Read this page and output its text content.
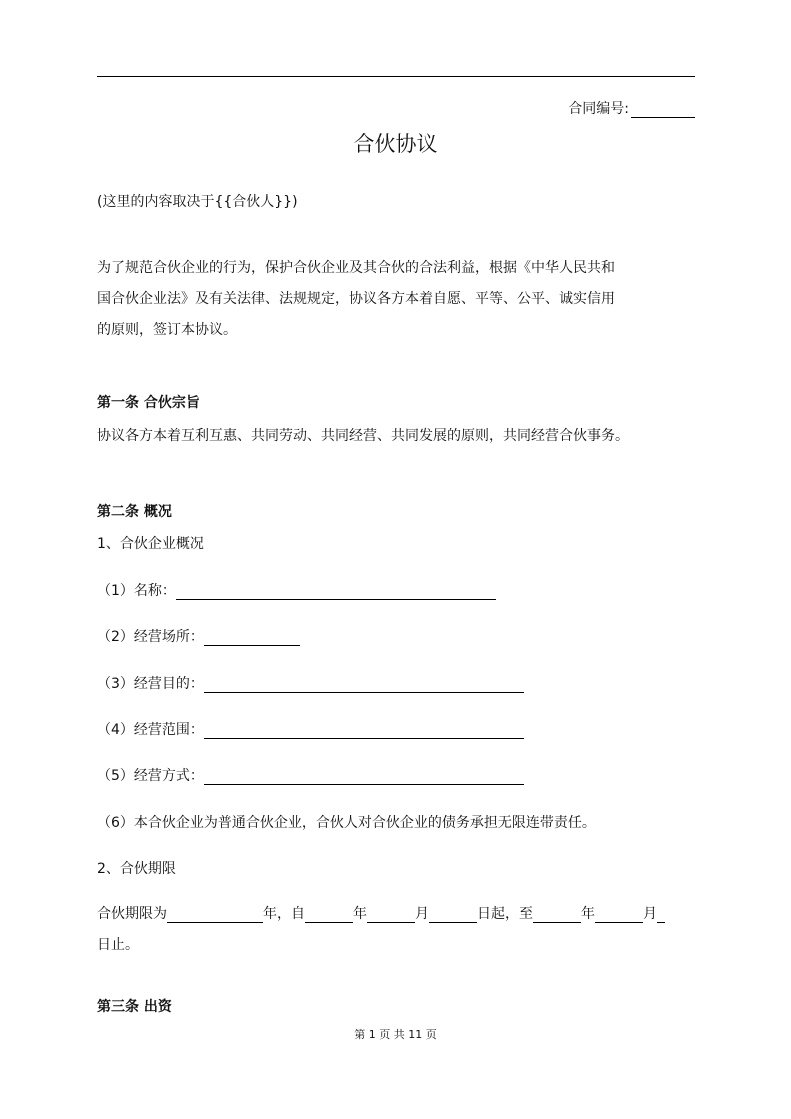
合同编号:
合伙协议
(这里的内容取决于{{合伙人}})
为了规范合伙企业的行为，保护合伙企业及其合伙的合法利益，根据《中华人民共和
国合伙企业法》及有关法律、法规规定，协议各方本着自愿、平等、公平、诚实信用
的原则，签订本协议。
第一条 合伙宗旨
协议各方本着互利互惠、共同劳动、共同经营、共同发展的原则，共同经营合伙事务。
第二条 概况
1、合伙企业概况
（1）名称：
（2）经营场所：
（3）经营目的：
（4）经营范围：
（5）经营方式：
（6）本合伙企业为普通合伙企业，合伙人对合伙企业的债务承担无限连带责任。
2、合伙期限
合伙期限为	年，自	年	月	日起，至	年	月
日止。
第三条 出资
第 1 页 共 11 页
